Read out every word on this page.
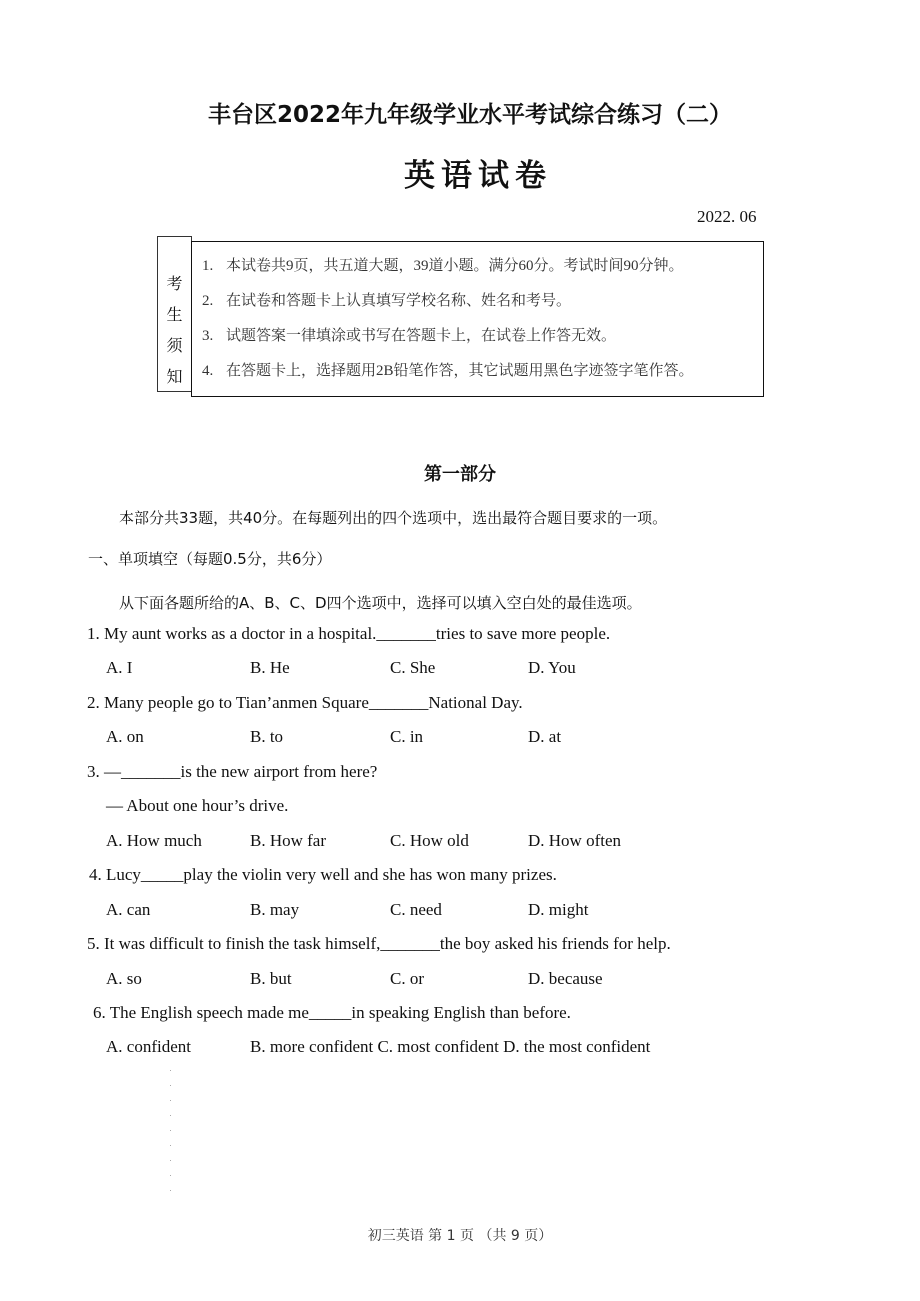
丰台区2022年九年级学业水平考试综合练习（二）
英语试卷
2022. 06
考
生
须
知
1. 本试卷共9页，共五道大题，39道小题。满分60分。考试时间90分钟。
2. 在试卷和答题卡上认真填写学校名称、姓名和考号。
3. 试题答案一律填涂或书写在答题卡上，在试卷上作答无效。
4. 在答题卡上，选择题用2B铅笔作答，其它试题用黑色字迹签字笔作答。
第一部分
本部分共33题，共40分。在每题列出的四个选项中，选出最符合题目要求的一项。
一、单项填空（每题0.5分，共6分）
从下面各题所给的A、B、C、D四个选项中，选择可以填入空白处的最佳选项。
1. My aunt works as a doctor in a hospital._______tries to save more people.
A. I	B. He	C. She	D. You
2. Many people go to Tian’anmen Square_______National Day.
A. on	B. to	C. in	D. at
3. —_______is the new airport from here?
— About one hour’s drive.
A. How much	B. How far	C. How old	D. How often
4. Lucy_____play the violin very well and she has won many prizes.
A. can	B. may	C. need	D. might
5. It was difficult to finish the task himself,_______the boy asked his friends for help.
A. so	B. but	C. or	D. because
6. The English speech made me_____in speaking English than before.
A. confident	B. more confident C. most confident D. the most confident
初三英语 第 1 页 （共 9 页）
